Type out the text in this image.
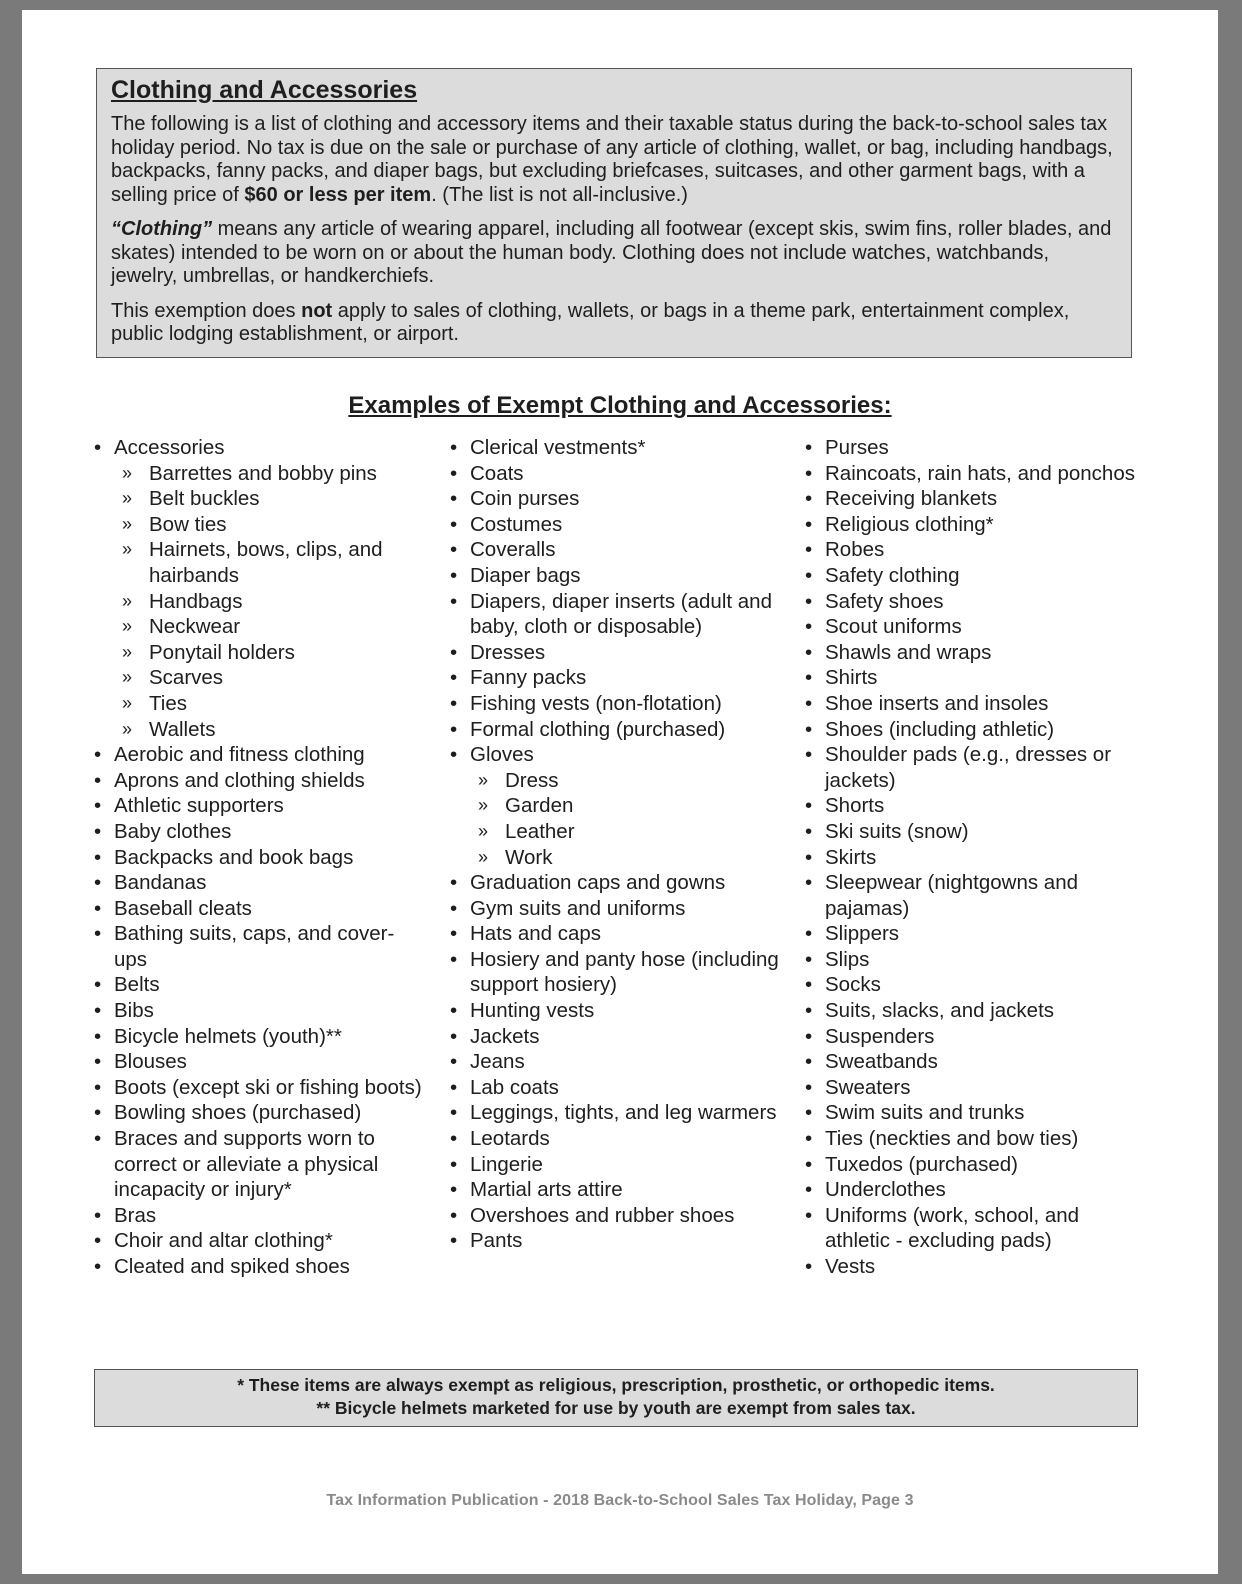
Clothing and Accessories

The following is a list of clothing and accessory items and their taxable status during the back-to-school sales tax holiday period. No tax is due on the sale or purchase of any article of clothing, wallet, or bag, including handbags, backpacks, fanny packs, and diaper bags, but excluding briefcases, suitcases, and other garment bags, with a selling price of $60 or less per item. (The list is not all-inclusive.)

“Clothing” means any article of wearing apparel, including all footwear (except skis, swim fins, roller blades, and skates) intended to be worn on or about the human body. Clothing does not include watches, watchbands, jewelry, umbrellas, or handkerchiefs.

This exemption does not apply to sales of clothing, wallets, or bags in a theme park, entertainment complex, public lodging establishment, or airport.

Examples of Exempt Clothing and Accessories:
• Accessories
» Barrettes and bobby pins
» Belt buckles
» Bow ties
» Hairnets, bows, clips, and hairbands
» Handbags
» Neckwear
» Ponytail holders
» Scarves
» Ties
» Wallets
• Aerobic and fitness clothing
• Aprons and clothing shields
• Athletic supporters
• Baby clothes
• Backpacks and book bags
• Bandanas
• Baseball cleats
• Bathing suits, caps, and cover-ups
• Belts
• Bibs
• Bicycle helmets (youth)**
• Blouses
• Boots (except ski or fishing boots)
• Bowling shoes (purchased)
• Braces and supports worn to correct or alleviate a physical incapacity or injury*
• Bras
• Choir and altar clothing*
• Cleated and spiked shoes
• Clerical vestments*
• Coats
• Coin purses
• Costumes
• Coveralls
• Diaper bags
• Diapers, diaper inserts (adult and baby, cloth or disposable)
• Dresses
• Fanny packs
• Fishing vests (non-flotation)
• Formal clothing (purchased)
• Gloves
» Dress
» Garden
» Leather
» Work
• Graduation caps and gowns
• Gym suits and uniforms
• Hats and caps
• Hosiery and panty hose (including support hosiery)
• Hunting vests
• Jackets
• Jeans
• Lab coats
• Leggings, tights, and leg warmers
• Leotards
• Lingerie
• Martial arts attire
• Overshoes and rubber shoes
• Pants
• Purses
• Raincoats, rain hats, and ponchos
• Receiving blankets
• Religious clothing*
• Robes
• Safety clothing
• Safety shoes
• Scout uniforms
• Shawls and wraps
• Shirts
• Shoe inserts and insoles
• Shoes (including athletic)
• Shoulder pads (e.g., dresses or jackets)
• Shorts
• Ski suits (snow)
• Skirts
• Sleepwear (nightgowns and pajamas)
• Slippers
• Slips
• Socks
• Suits, slacks, and jackets
• Suspenders
• Sweatbands
• Sweaters
• Swim suits and trunks
• Ties (neckties and bow ties)
• Tuxedos (purchased)
• Underclothes
• Uniforms (work, school, and athletic - excluding pads)
• Vests
* These items are always exempt as religious, prescription, prosthetic, or orthopedic items.
** Bicycle helmets marketed for use by youth are exempt from sales tax.
Tax Information Publication - 2018 Back-to-School Sales Tax Holiday, Page 3
